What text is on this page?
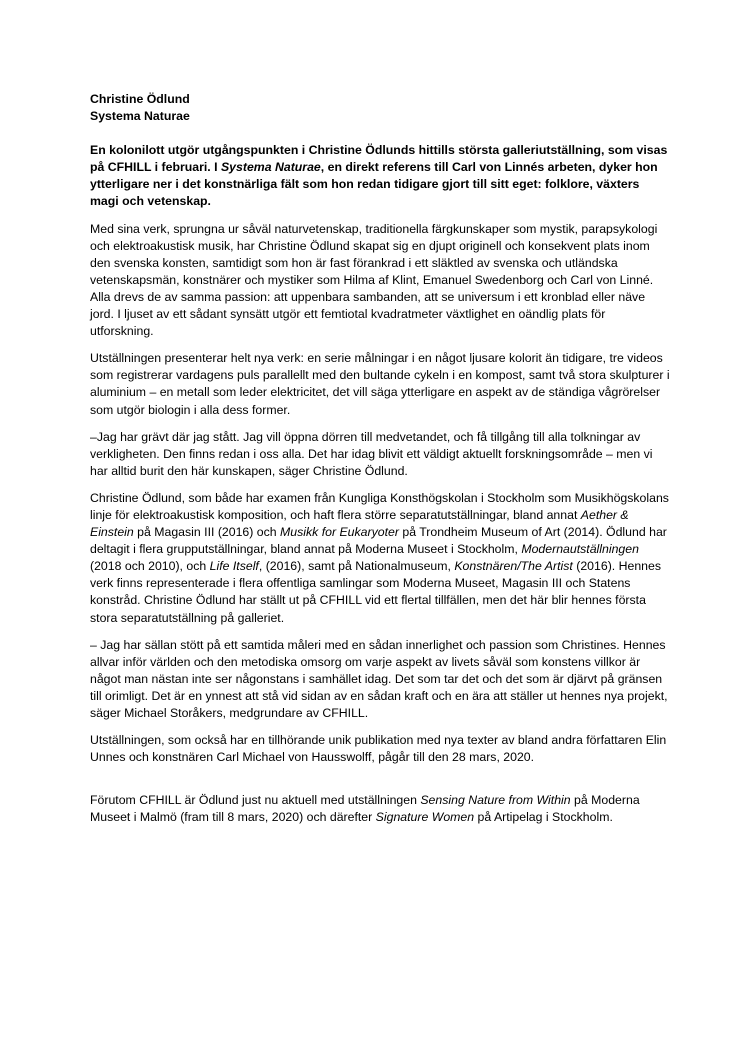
Christine Ödlund
Systema Naturae

En kolonilott utgör utgångspunkten i Christine Ödlunds hittills största galleriutställning, som visas på CFHILL i februari. I Systema Naturae, en direkt referens till Carl von Linnés arbeten, dyker hon ytterligare ner i det konstnärliga fält som hon redan tidigare gjort till sitt eget: folklore, växters magi och vetenskap.

Med sina verk, sprungna ur såväl naturvetenskap, traditionella färgkunskaper som mystik, parapsykologi och elektroakustisk musik, har Christine Ödlund skapat sig en djupt originell och konsekvent plats inom den svenska konsten, samtidigt som hon är fast förankrad i ett släktled av svenska och utländska vetenskapsmän, konstnärer och mystiker som Hilma af Klint, Emanuel Swedenborg och Carl von Linné. Alla drevs de av samma passion: att uppenbara sambanden, att se universum i ett kronblad eller näve jord. I ljuset av ett sådant synsätt utgör ett femtiotal kvadratmeter växtlighet en oändlig plats för utforskning.

Utställningen presenterar helt nya verk: en serie målningar i en något ljusare kolorit än tidigare, tre videos som registrerar vardagens puls parallellt med den bultande cykeln i en kompost, samt två stora skulpturer i aluminium – en metall som leder elektricitet, det vill säga ytterligare en aspekt av de ständiga vågrörelser som utgör biologin i alla dess former.

–Jag har grävt där jag stått. Jag vill öppna dörren till medvetandet, och få tillgång till alla tolkningar av verkligheten. Den finns redan i oss alla. Det har idag blivit ett väldigt aktuellt forskningsområde – men vi har alltid burit den här kunskapen, säger Christine Ödlund.

Christine Ödlund, som både har examen från Kungliga Konsthögskolan i Stockholm som Musikhögskolans linje för elektroakustisk komposition, och haft flera större separatutställningar, bland annat Aether & Einstein på Magasin III (2016) och Musikk for Eukaryoter på Trondheim Museum of Art (2014). Ödlund har deltagit i flera grupputställningar, bland annat på Moderna Museet i Stockholm, Modernautställningen (2018 och 2010), och Life Itself, (2016), samt på Nationalmuseum, Konstnären/The Artist (2016). Hennes verk finns representerade i flera offentliga samlingar som Moderna Museet, Magasin III och Statens konstråd. Christine Ödlund har ställt ut på CFHILL vid ett flertal tillfällen, men det här blir hennes första stora separatutställning på galleriet.

– Jag har sällan stött på ett samtida måleri med en sådan innerlighet och passion som Christines. Hennes allvar inför världen och den metodiska omsorg om varje aspekt av livets såväl som konstens villkor är något man nästan inte ser någonstans i samhället idag. Det som tar det och det som är djärvt på gränsen till orimligt. Det är en ynnest att stå vid sidan av en sådan kraft och en ära att ställer ut hennes nya projekt, säger Michael Storåkers, medgrundare av CFHILL.

Utställningen, som också har en tillhörande unik publikation med nya texter av bland andra författaren Elin Unnes och konstnären Carl Michael von Hausswolff, pågår till den 28 mars, 2020.

Förutom CFHILL är Ödlund just nu aktuell med utställningen Sensing Nature from Within på Moderna Museet i Malmö (fram till 8 mars, 2020) och därefter Signature Women på Artipelag i Stockholm.
